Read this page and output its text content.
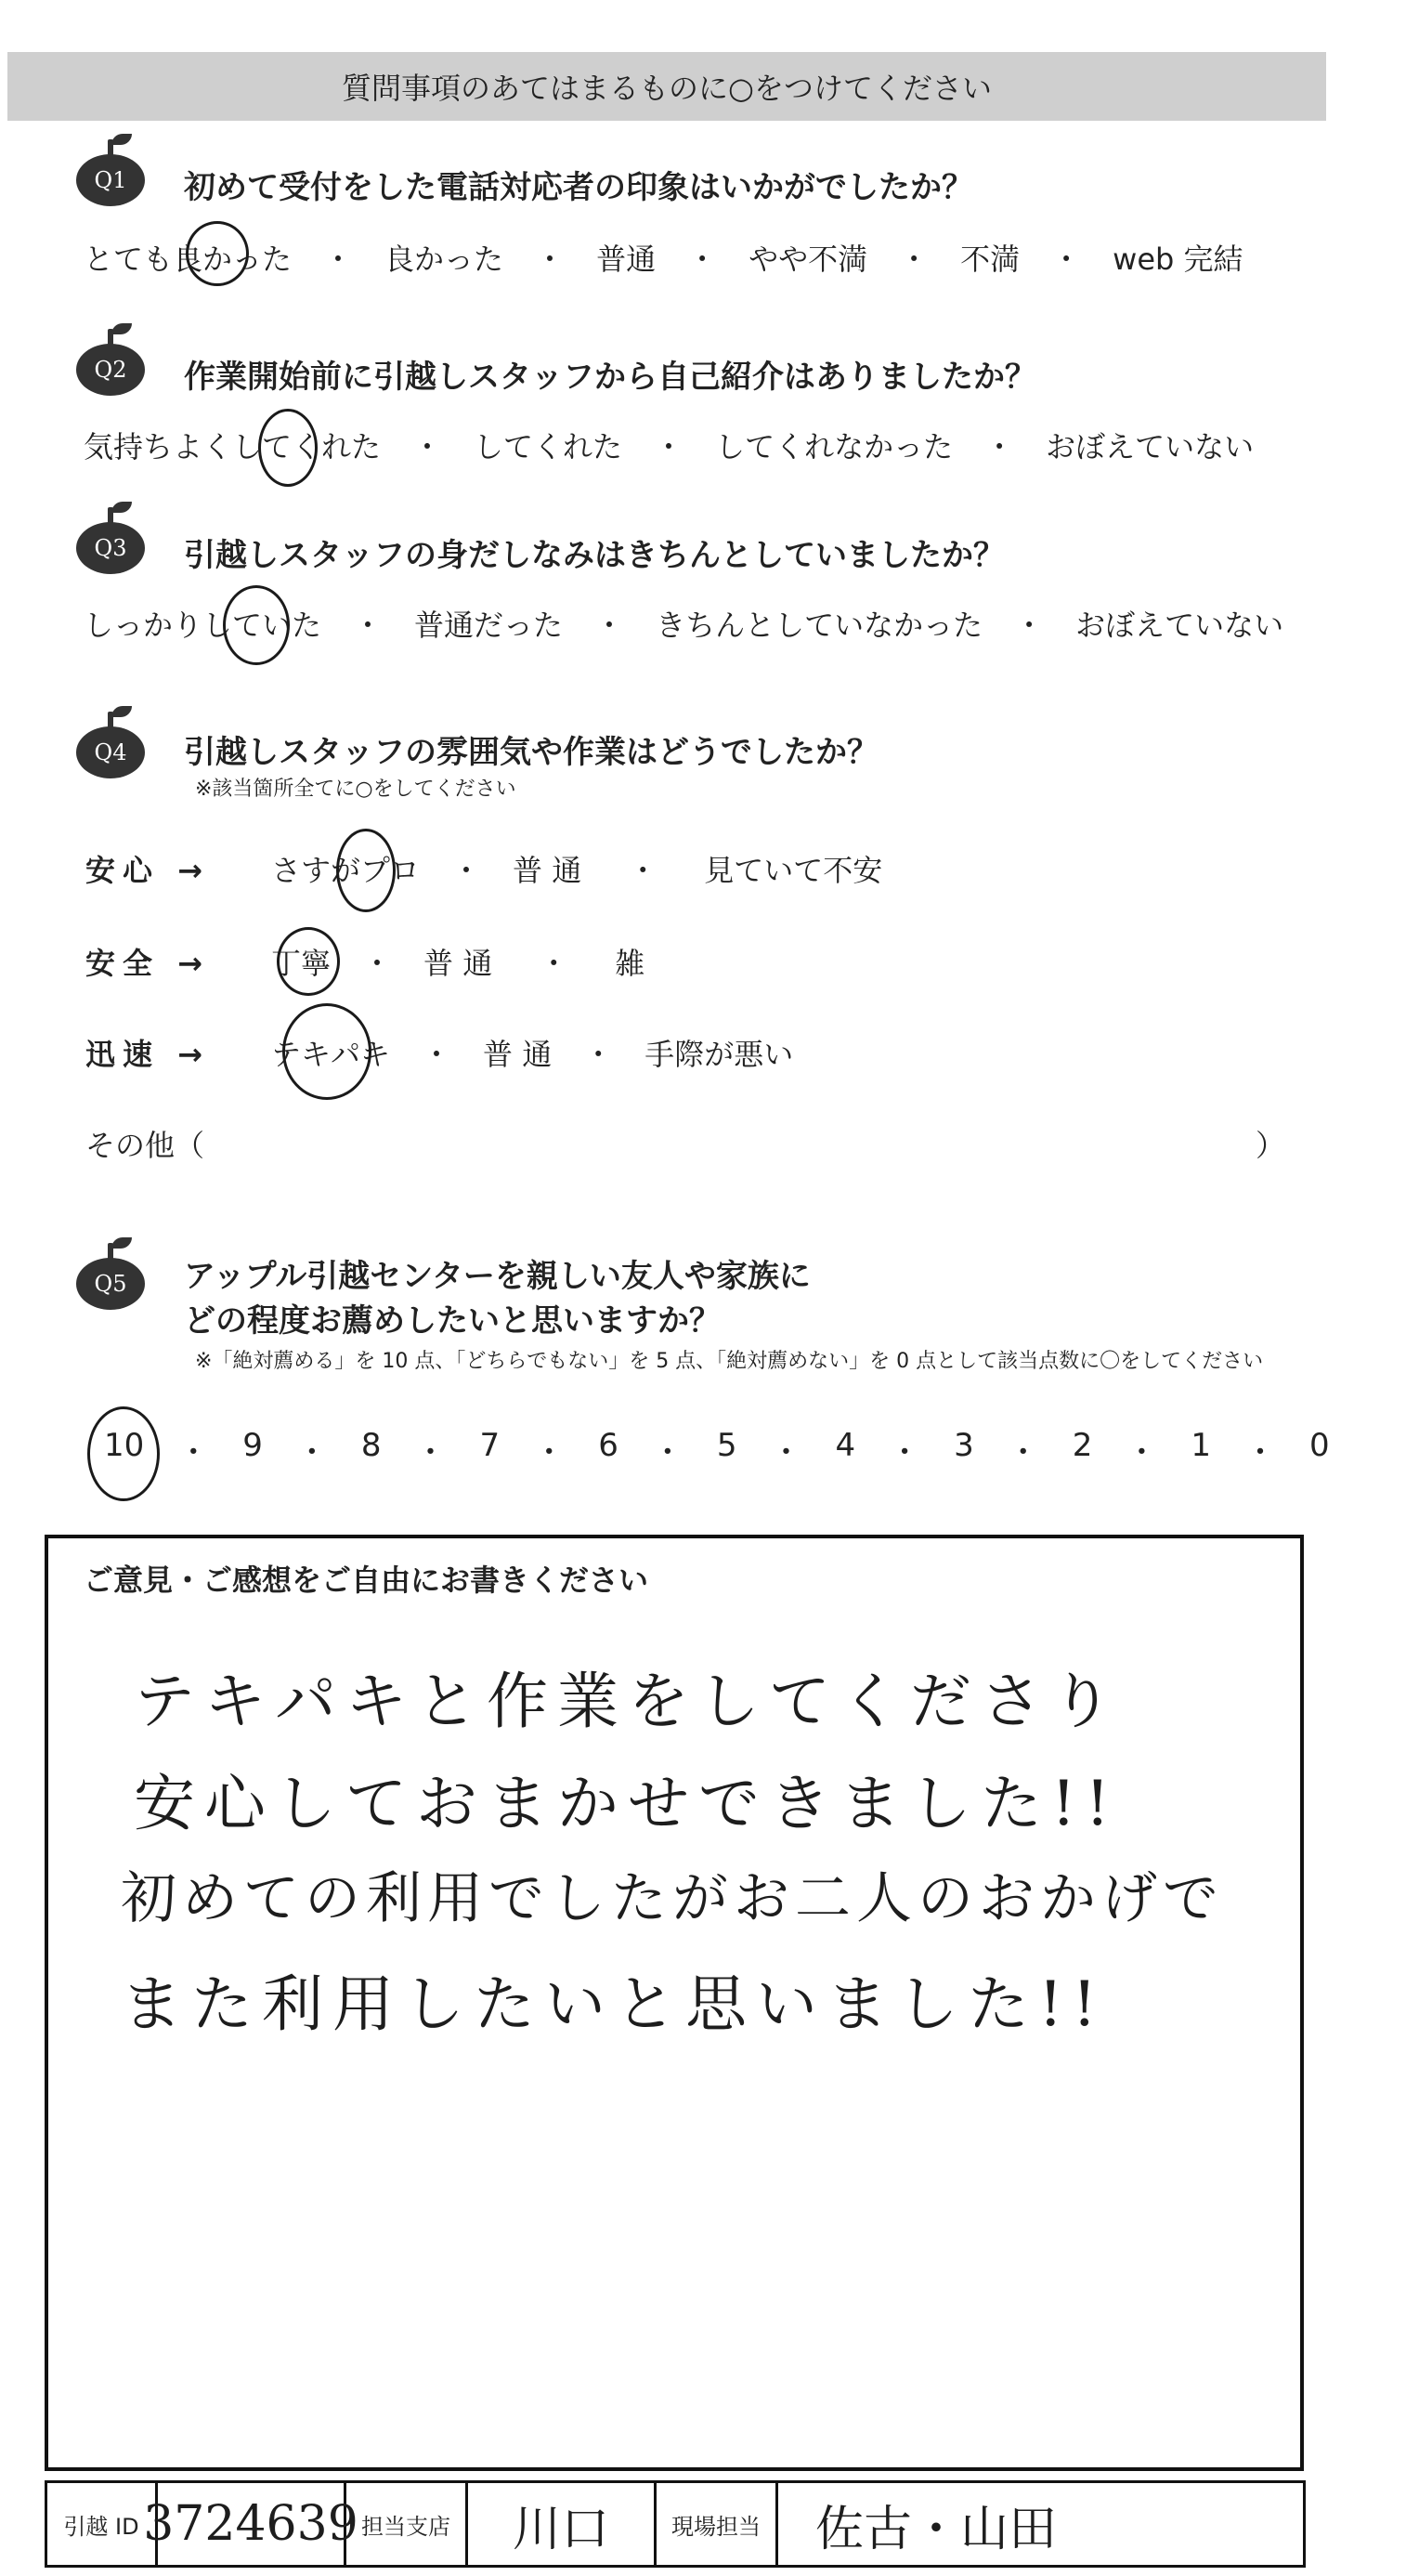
質問事項のあてはまるものに○をつけてください
Q1	初めて受付をした電話対応者の印象はいかがでしたか？
とても良かった	・	良かった	・	普通	・	やや不満	・	不満	・	web 完結
Q2	作業開始前に引越しスタッフから自己紹介はありましたか？
気持ちよくしてくれた	・	してくれた	・	してくれなかった	・	おぼえていない
Q3	引越しスタッフの身だしなみはきちんとしていましたか？
しっかりしていた	・	普通だった	・	きちんとしていなかった	・	おぼえていない
Q4	引越しスタッフの雰囲気や作業はどうでしたか？
※該当箇所全てに○をしてください
安心 → さすがプロ	・	普 通	・	見ていて不安
安全 → 丁寧	・	普 通	・	雑
迅速 → テキパキ	・	普 通	・	手際が悪い
その他（	）
Q5	アップル引越センターを親しい友人や家族に
どの程度お薦めしたいと思いますか？
※「絶対薦める」を 10 点、「どちらでもない」を 5 点、「絶対薦めない」を 0 点として該当点数に〇をしてください
10	・	9	・	8	・	7	・	6	・	5	・	4	・	3	・	2	・	1	・	0
ご意見・ご感想をご自由にお書きください
テキパキと作業をしてくださり
安心しておまかせできました!!
初めての利用でしたがお二人のおかげで
また利用したいと思いました!!
引越 ID 3724639 担当支店	川口	現場担当	佐古・山田
